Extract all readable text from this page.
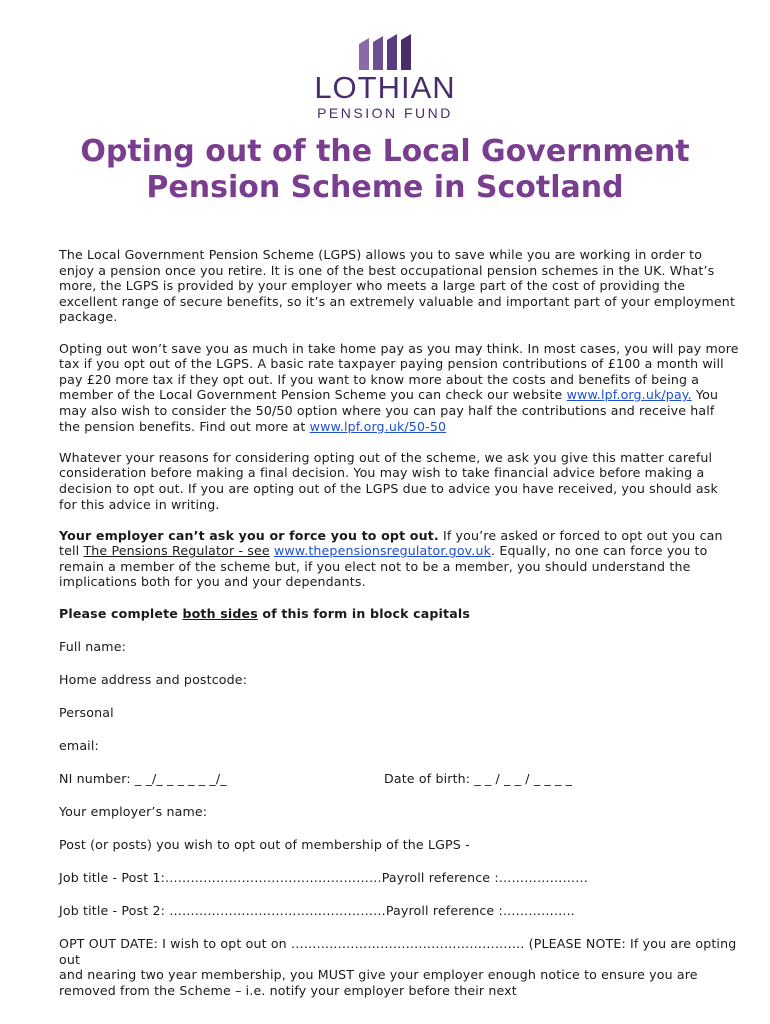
LOTHIAN
PENSION FUND
Opting out of the Local Government Pension Scheme in Scotland

The Local Government Pension Scheme (LGPS) allows you to save while you are working in order to enjoy a pension once you retire. It is one of the best occupational pension schemes in the UK. What’s more, the LGPS is provided by your employer who meets a large part of the cost of providing the excellent range of secure benefits, so it’s an extremely valuable and important part of your employment package.

Opting out won’t save you as much in take home pay as you may think. In most cases, you will pay more tax if you opt out of the LGPS. A basic rate taxpayer paying pension contributions of £100 a month will pay £20 more tax if they opt out. If you want to know more about the costs and benefits of being a member of the Local Government Pension Scheme you can check our website www.lpf.org.uk/pay. You may also wish to consider the 50/50 option where you can pay half the contributions and receive half the pension benefits. Find out more at www.lpf.org.uk/50-50

Whatever your reasons for considering opting out of the scheme, we ask you give this matter careful consideration before making a final decision. You may wish to take financial advice before making a decision to opt out. If you are opting out of the LGPS due to advice you have received, you should ask for this advice in writing.

Your employer can’t ask you or force you to opt out. If you’re asked or forced to opt out you can tell The Pensions Regulator - see www.thepensionsregulator.gov.uk. Equally, no one can force you to remain a member of the scheme but, if you elect not to be a member, you should understand the implications both for you and your dependants.

Please complete both sides of this form in block capitals

Full name:
Home address and postcode:
Personal
email:
NI number: _ _/_ _ _ _ _ _/_	Date of birth: _ _ / _ _ / _ _ _ _
Your employer’s name:
Post (or posts) you wish to opt out of membership of the LGPS -
Job title - Post 1:……………………………………………Payroll reference :…………………
Job title - Post 2: ……………………………………………Payroll reference :……………..
OPT OUT DATE: I wish to opt out on ………………………………………………. (PLEASE NOTE: If you are opting out
and nearing two year membership, you MUST give your employer enough notice to ensure you are removed from the Scheme – i.e. notify your employer before their next
